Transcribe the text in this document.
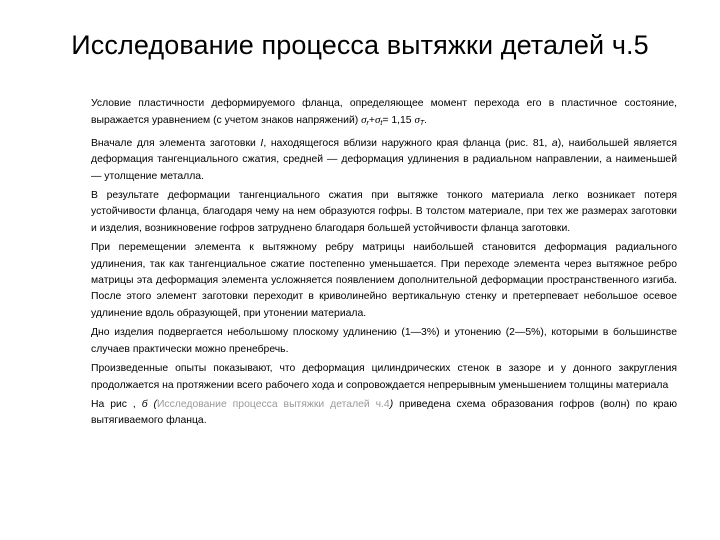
Исследование процесса вытяжки деталей ч.5

Условие пластичности деформируемого фланца, определяющее момент перехода его в пластичное состояние, выражается уравнением (с учетом знаков напряжений) $\sigma_r+\sigma_t= 1,15$ $\sigma_T$.

Вначале для элемента заготовки I, находящегося вблизи наружного края фланца (рис. 81, а), наибольшей является деформация тангенциального сжатия, средней — деформация удлинения в радиальном направлении, а наименьшей — утолщение металла.

В результате деформации тангенциального сжатия при вытяжке тонкого материала легко возникает потеря устойчивости фланца, благодаря чему на нем образуются гофры. В толстом материале, при тех же размерах заготовки и изделия, возникновение гофров затруднено благодаря большей устойчивости фланца заготовки.

При перемещении элемента к вытяжному ребру матрицы наибольшей становится деформация радиального удлинения, так как тангенциальное сжатие постепенно уменьшается. При переходе элемента через вытяжное ребро матрицы эта деформация элемента усложняется появлением дополнительной деформации пространственного изгиба. После этого элемент заготовки переходит в криволинейно вертикальную стенку и претерпевает небольшое осевое удлинение вдоль образующей, при утонении материала.

Дно изделия подвергается небольшому плоскому удлинению (1—3%) и утонению (2—5%), которыми в большинстве случаев практически можно пренебречь.

Произведенные опыты показывают, что деформация цилиндрических стенок в зазоре и у донного закругления продолжается на протяжении всего рабочего хода и сопровождается непрерывным уменьшением толщины материала

На рис , б (Исследование процесса вытяжки деталей ч.4) приведена схема образования гофров (волн) по краю вытягиваемого фланца.
